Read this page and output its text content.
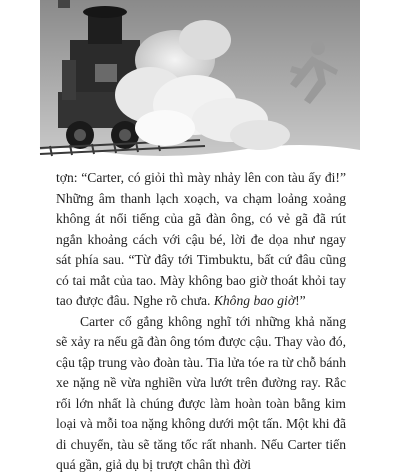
tợn: “Carter, có giỏi thì mày nhảy lên con tàu ấy đi!” Những âm thanh lạch xoạch, va chạm loảng xoảng không át nổi tiếng của gã đàn ông, có vẻ gã đã rút ngắn khoảng cách với cậu bé, lời đe dọa như ngay sát phía sau. “Từ đây tới Timbuktu, bất cứ đâu cũng có tai mắt của tao. Mày không bao giờ thoát khỏi tay tao được đâu. Nghe rõ chưa. Không bao giờ!”

Carter cố gắng không nghĩ tới những khả năng sẽ xảy ra nếu gã đàn ông tóm được cậu. Thay vào đó, cậu tập trung vào đoàn tàu. Tia lửa tóe ra từ chỗ bánh xe nặng nề vừa nghiền vừa lướt trên đường ray. Rắc rối lớn nhất là chúng được làm hoàn toàn bằng kim loại và mỗi toa nặng không dưới một tấn. Một khi đã di chuyển, tàu sẽ tăng tốc rất nhanh. Nếu Carter tiến quá gần, giả dụ bị trượt chân thì đời
